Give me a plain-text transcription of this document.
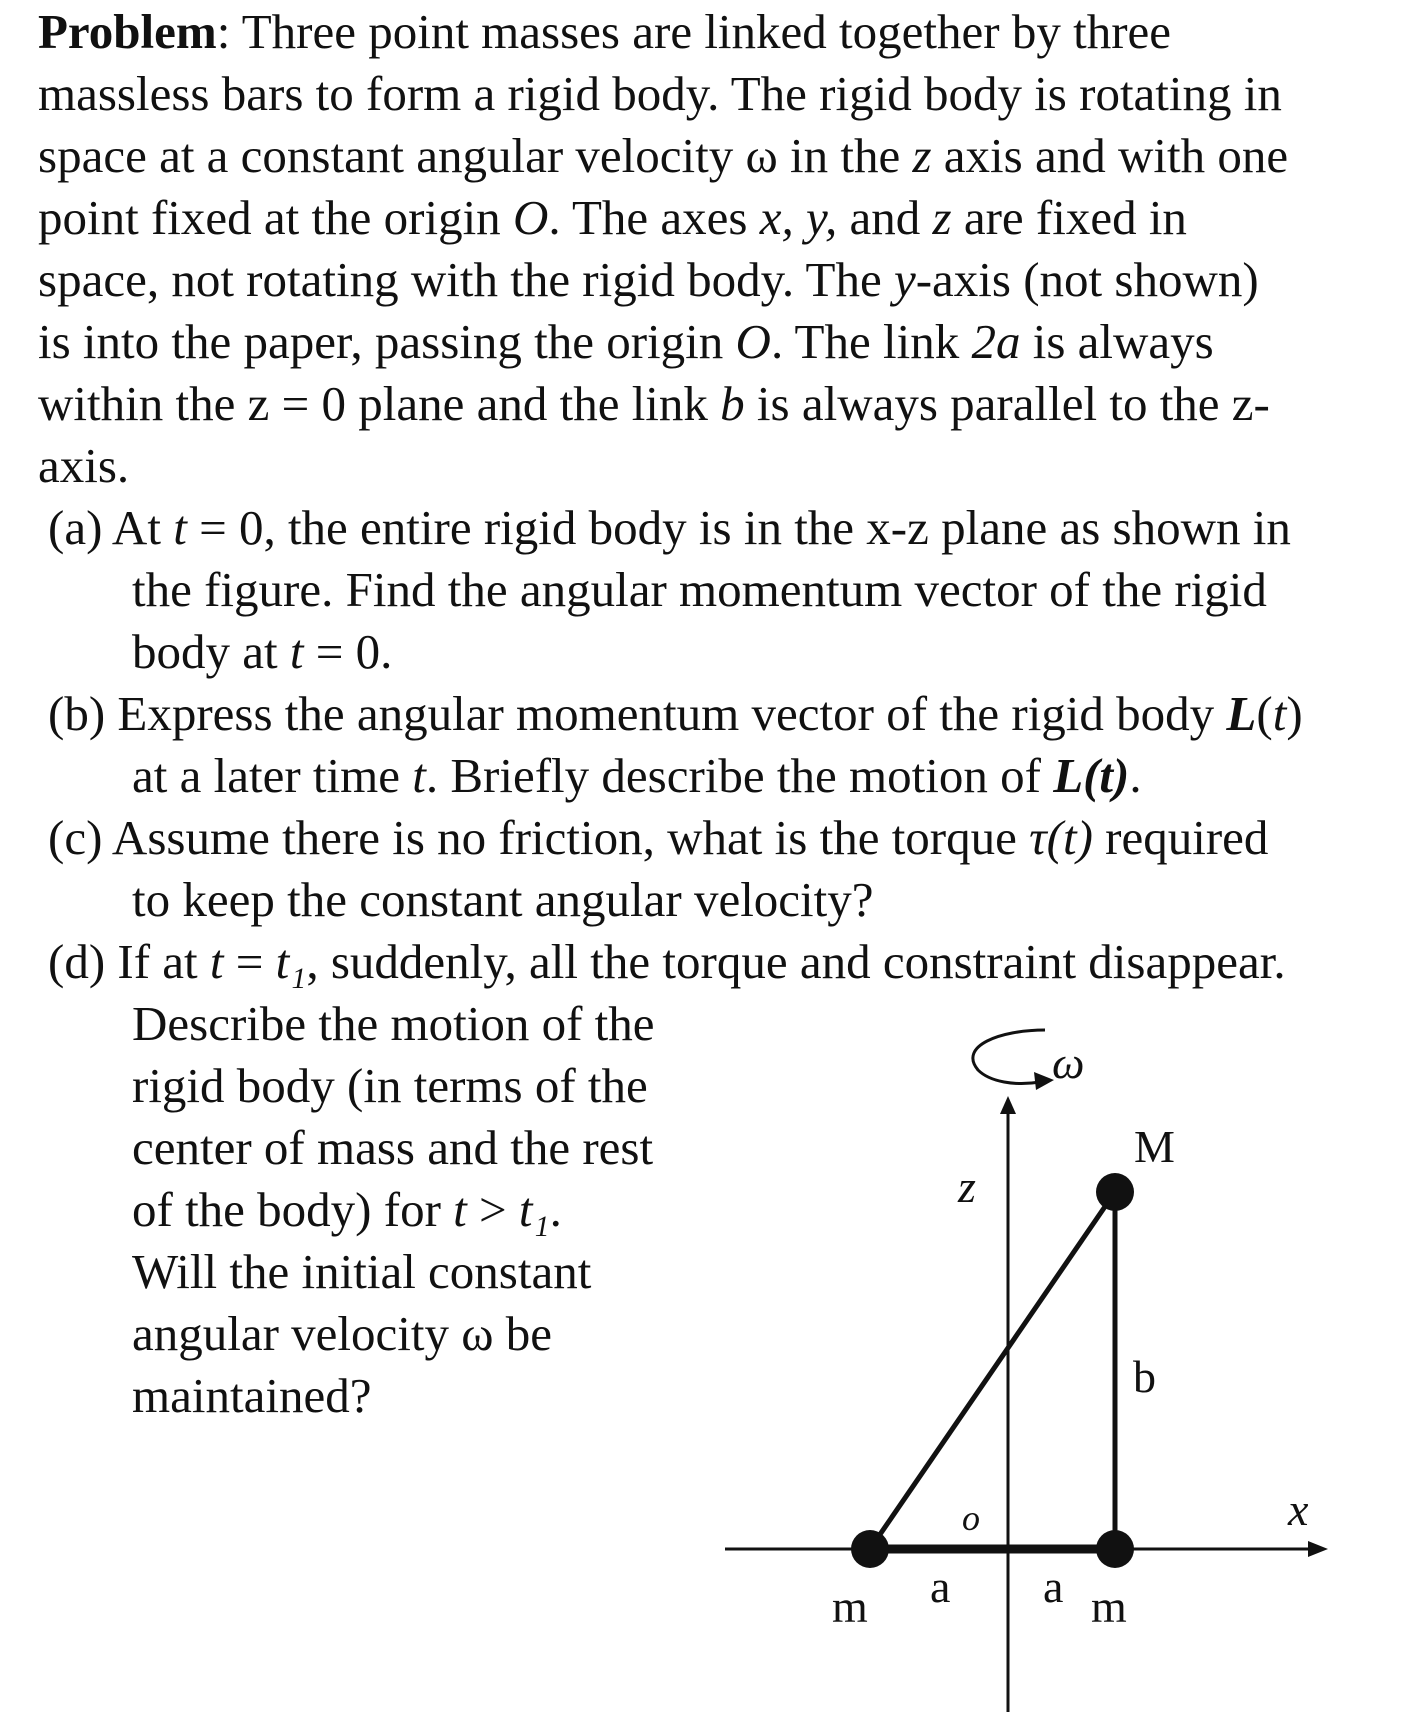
Problem: Three point masses are linked together by three
massless bars to form a rigid body. The rigid body is rotating in
space at a constant angular velocity ω in the z axis and with one
point fixed at the origin O. The axes x, y, and z are fixed in
space, not rotating with the rigid body. The y-axis (not shown)
is into the paper, passing the origin O. The link 2a is always
within the z = 0 plane and the link b is always parallel to the z-
axis.
(a) At t = 0, the entire rigid body is in the x-z plane as shown in
the figure. Find the angular momentum vector of the rigid
body at t = 0.
(b) Express the angular momentum vector of the rigid body L(t)
at a later time t. Briefly describe the motion of L(t).
(c) Assume there is no friction, what is the torque τ(t) required
to keep the constant angular velocity?
(d) If at t = t₁, suddenly, all the torque and constraint disappear.
Describe the motion of the
rigid body (in terms of the
center of mass and the rest
of the body) for t > t₁.
Will the initial constant
angular velocity ω be
maintained?
ω
z
x
o
M
b
m	m
a a
